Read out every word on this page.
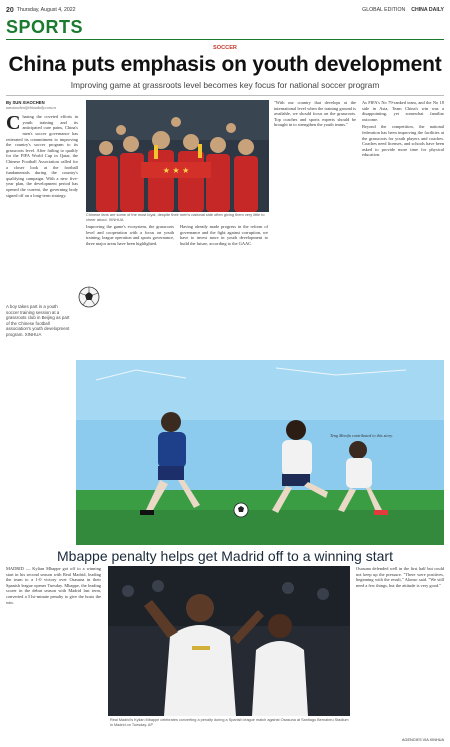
20 Thursday, August 4, 2022	GLOBAL EDITION CHINA DAILY
SPORTS
SOCCER
China puts emphasis on youth development
Improving game at grassroots level becomes key focus for national soccer program
By SUN XIAOCHEN
sunxiaochen@chinadaily.com.cn
C hasing the coveted efforts in youth training and its anticipated cure pains, China's men's soccer governance has reiterated its commitment to improving the country's soccer program to its grassroots level. After failing to qualify for the FIFA World Cup in Qatar, the Chinese Football Association called for a closer look at the football fundamentals during the country's qualifying campaign. With a new five-year plan, the development period has opened the current, the governing body signed off on a long-term strategy.
A boy takes part in a youth soccer training session at a grassroots club in Beijing as part of the Chinese football association's youth development program. XINHUA
★ ★ ★
Chinese fans are some of the most loyal, despite their men's national side often giving them very little to cheer about. XINHUA

Improving the game's ecosystem, the grassroots level and cooperation with a focus on youth training, league operation and sports governance, three major areas have been highlighted.

Having already made progress in the reform of governance and the fight against corruption, we have to invest more in youth development to build the future, according to the GAAC.

"With our country that develops at the international level when the training ground is available, we should focus on the grassroots. Top coaches and sports experts should be brought in to strengthen the youth teams."

As FIFA's No 79-ranked team, and the No 18 side in Asia, Team China's win was a disappointing, yet somewhat familiar outcome.

Beyond the competition, the national federation has been improving the facilities at the grassroots for youth players and coaches. Coaches need licenses, and schools have been asked to provide more time for physical education.

Teng Menifu contributed to this story.
Mbappe penalty helps get Madrid off to a winning start

MADRID — Kylian Mbappe got off to a winning start in his second season with Real Madrid, leading the team to a 1-0 victory over Osasuna in their Spanish league opener Tuesday. Mbappe, the leading scorer in the debut season with Madrid last term, converted a 51st-minute penalty to give the hosts the win.

Osasuna defended well in the first half but could not keep up the pressure. "There were positives, beginning with the result," Alonso said. "We still need a few things, but the attitude is very good."

Real Madrid's Kylian Mbappe celebrates converting a penalty during a Spanish league match against Osasuna at Santiago Bernabeu Stadium in Madrid on Tuesday. AP
AGENCIES VIA XINHUA
